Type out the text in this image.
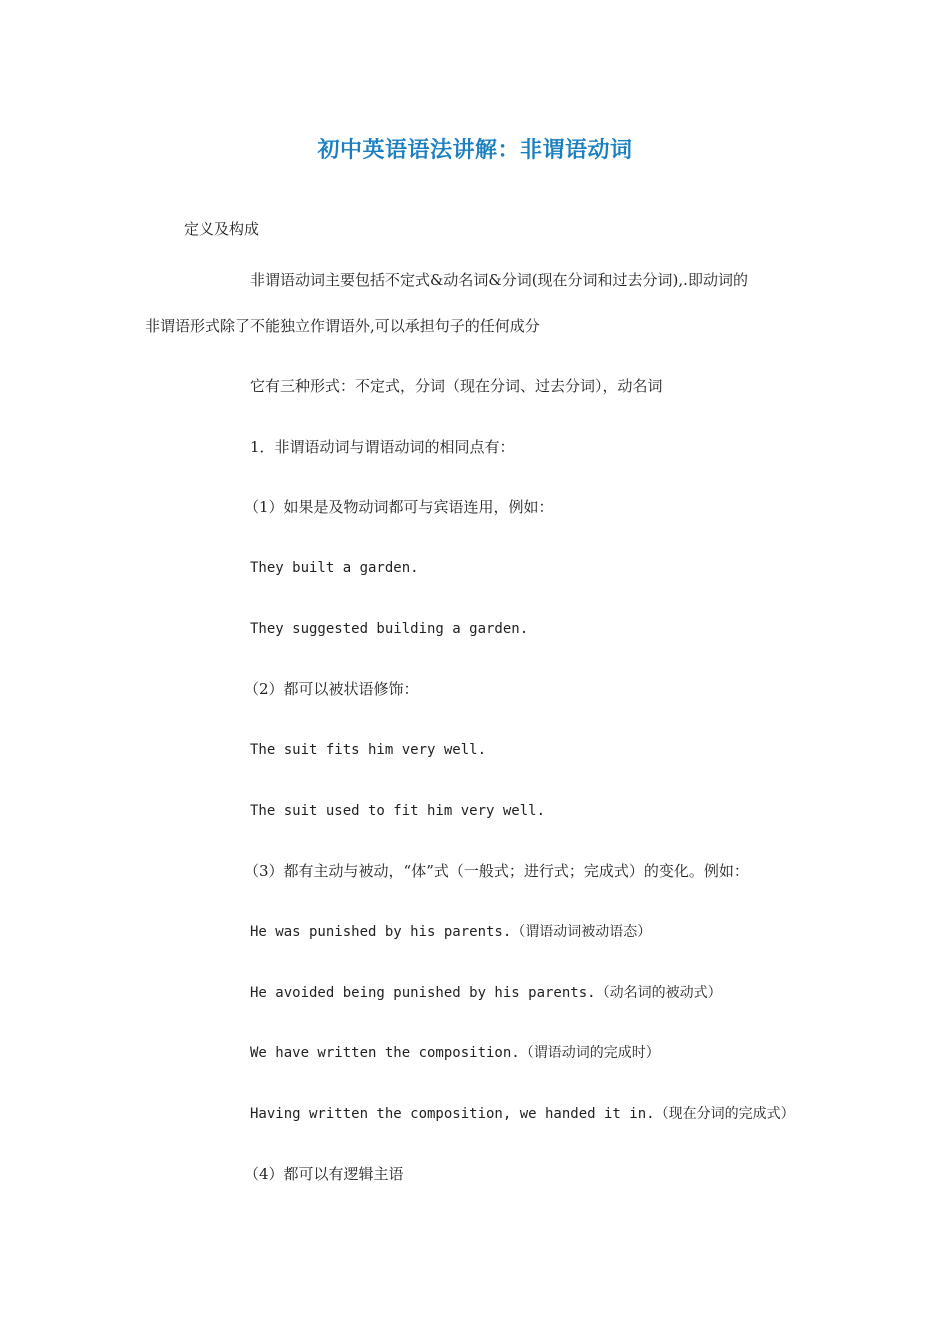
初中英语语法讲解：非谓语动词
定义及构成
非谓语动词主要包括不定式&动名词&分词(现在分词和过去分词),.即动词的
非谓语形式除了不能独立作谓语外,可以承担句子的任何成分
它有三种形式：不定式，分词（现在分词、过去分词），动名词
1．非谓语动词与谓语动词的相同点有：
（1）如果是及物动词都可与宾语连用，例如：
They built a garden.
They suggested building a garden.
（2）都可以被状语修饰：
The suit fits him very well.
The suit used to fit him very well.
（3）都有主动与被动，“体”式（一般式；进行式；完成式）的变化。例如：
He was punished by his parents.（谓语动词被动语态）
He avoided being punished by his parents.（动名词的被动式）
We have written the composition.（谓语动词的完成时）
Having written the composition, we handed it in.（现在分词的完成式）
（4）都可以有逻辑主语
